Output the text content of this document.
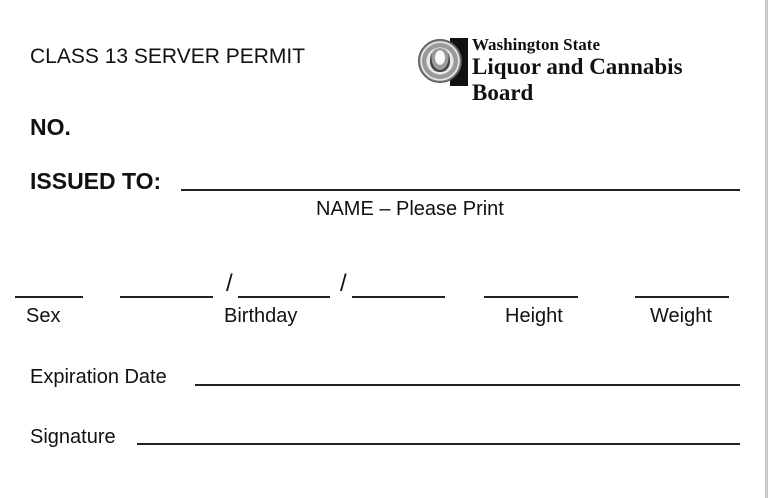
CLASS 13 SERVER PERMIT
Washington State
Liquor and Cannabis Board
NO.
ISSUED TO:
NAME – Please Print
Sex
/	/
Birthday	Height	Weight
Expiration Date
Signature
